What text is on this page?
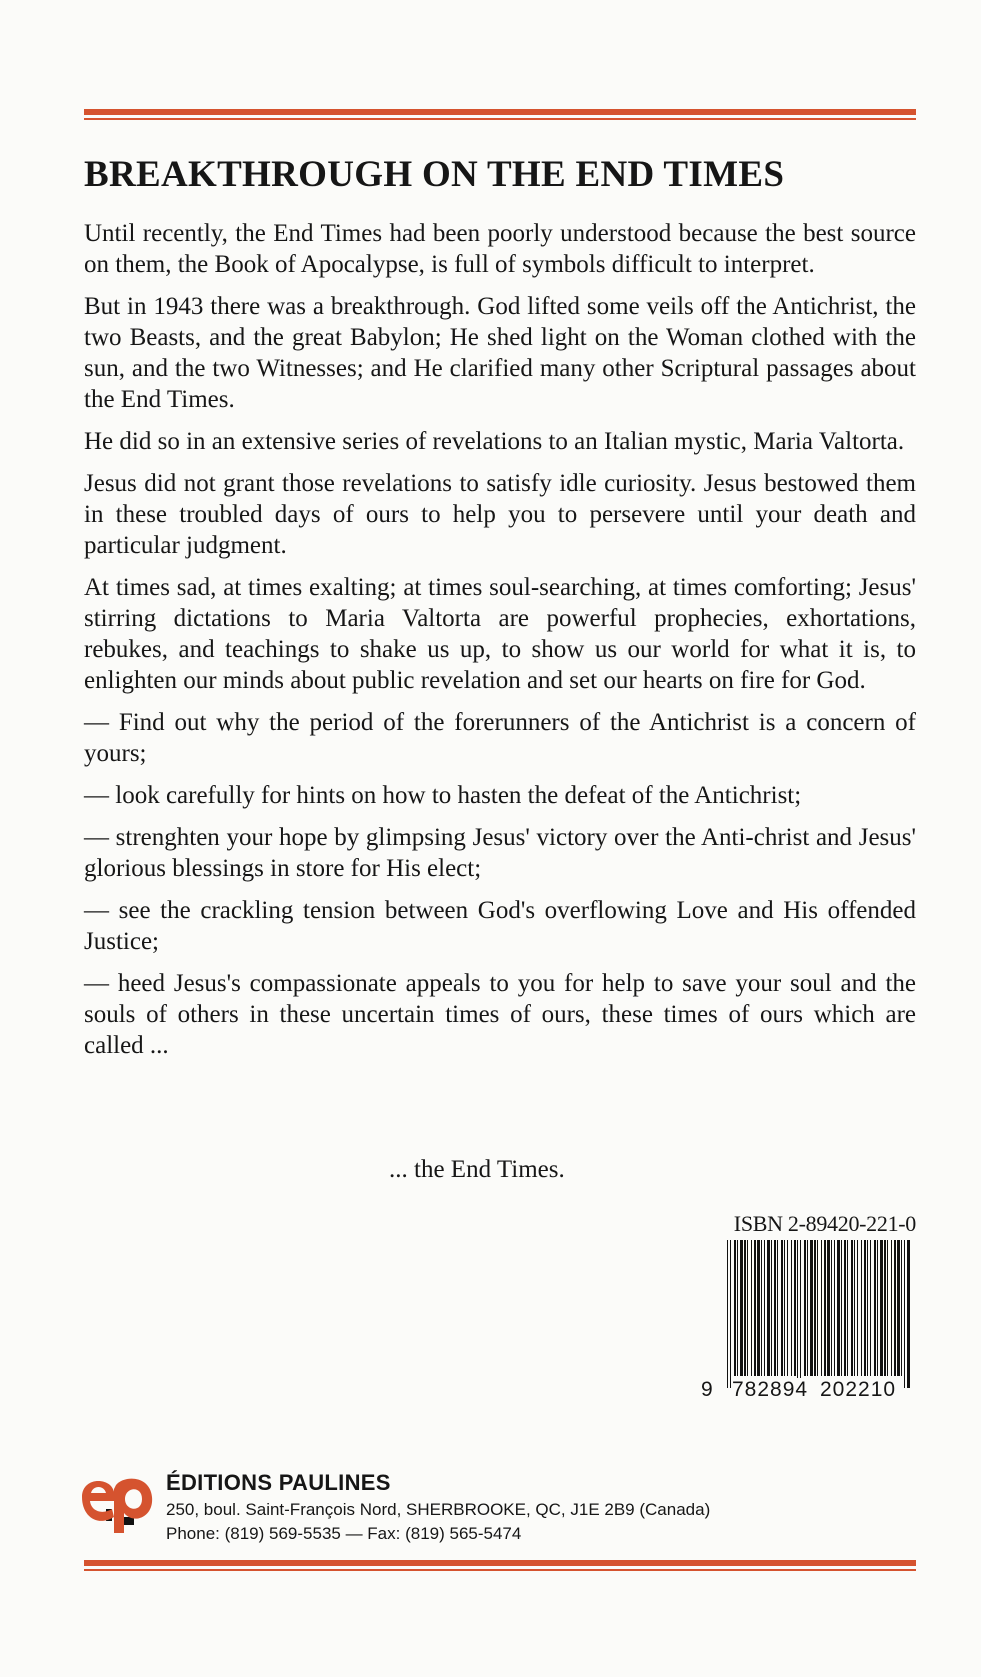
BREAKTHROUGH ON THE END TIMES

Until recently, the End Times had been poorly understood because the best source on them, the Book of Apocalypse, is full of symbols difficult to interpret.

But in 1943 there was a breakthrough. God lifted some veils off the Antichrist, the two Beasts, and the great Babylon; He shed light on the Woman clothed with the sun, and the two Witnesses; and He clarified many other Scriptural passages about the End Times.

He did so in an extensive series of revelations to an Italian mystic, Maria Valtorta.

Jesus did not grant those revelations to satisfy idle curiosity. Jesus bestowed them in these troubled days of ours to help you to persevere until your death and particular judgment.

At times sad, at times exalting; at times soul-searching, at times comforting; Jesus' stirring dictations to Maria Valtorta are powerful prophecies, exhortations, rebukes, and teachings to shake us up, to show us our world for what it is, to enlighten our minds about public revelation and set our hearts on fire for God.

— Find out why the period of the forerunners of the Antichrist is a concern of yours;

— look carefully for hints on how to hasten the defeat of the Antichrist;

— strenghten your hope by glimpsing Jesus' victory over the Anti-christ and Jesus' glorious blessings in store for His elect;

— see the crackling tension between God's overflowing Love and His offended Justice;

— heed Jesus's compassionate appeals to you for help to save your soul and the souls of others in these uncertain times of ours, these times of ours which are called ...

... the End Times.
ISBN 2-89420-221-0
9 782894 202210
ÉDITIONS PAULINES
250, boul. Saint-François Nord, SHERBROOKE, QC, J1E 2B9 (Canada)
Phone: (819) 569-5535 — Fax: (819) 565-5474
